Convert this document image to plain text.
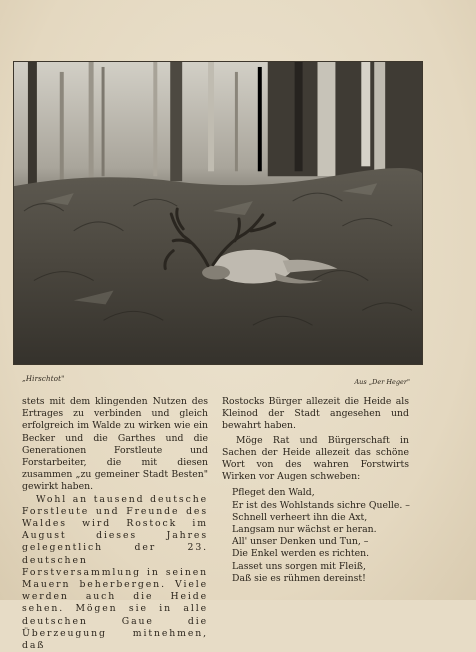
„Hirschtot"	Aus „Der Heger"

stets mit dem klingenden Nutzen des Ertrages zu verbinden und gleich erfolgreich im Walde zu wirken wie ein Becker und die Garthes und die Generationen Forstleute und Forstarbeiter, die mit diesen zusammen „zu gemeiner Stadt Besten" gewirkt haben.

Wohl an tausend deutsche Forstleute und Freunde des Waldes wird Rostock im August dieses Jahres gelegentlich der 23. deutschen Forstversammlung in seinen Mauern beherbergen. Viele werden auch die Heide sehen. Mögen sie in alle deutschen Gaue die Überzeugung mitnehmen, daß

Rostocks Bürger allezeit die Heide als Kleinod der Stadt angesehen und bewahrt haben.

Möge Rat und Bürgerschaft in Sachen der Heide allezeit das schöne Wort von des wahren Forstwirts Wirken vor Augen schweben:

Pfleget den Wald,
Er ist des Wohlstands sichre Quelle. –
Schnell verheert ihn die Axt,
Langsam nur wächst er heran.
All' unser Denken und Tun, –
Die Enkel werden es richten.
Lasset uns sorgen mit Fleiß,
Daß sie es rühmen dereinst!
